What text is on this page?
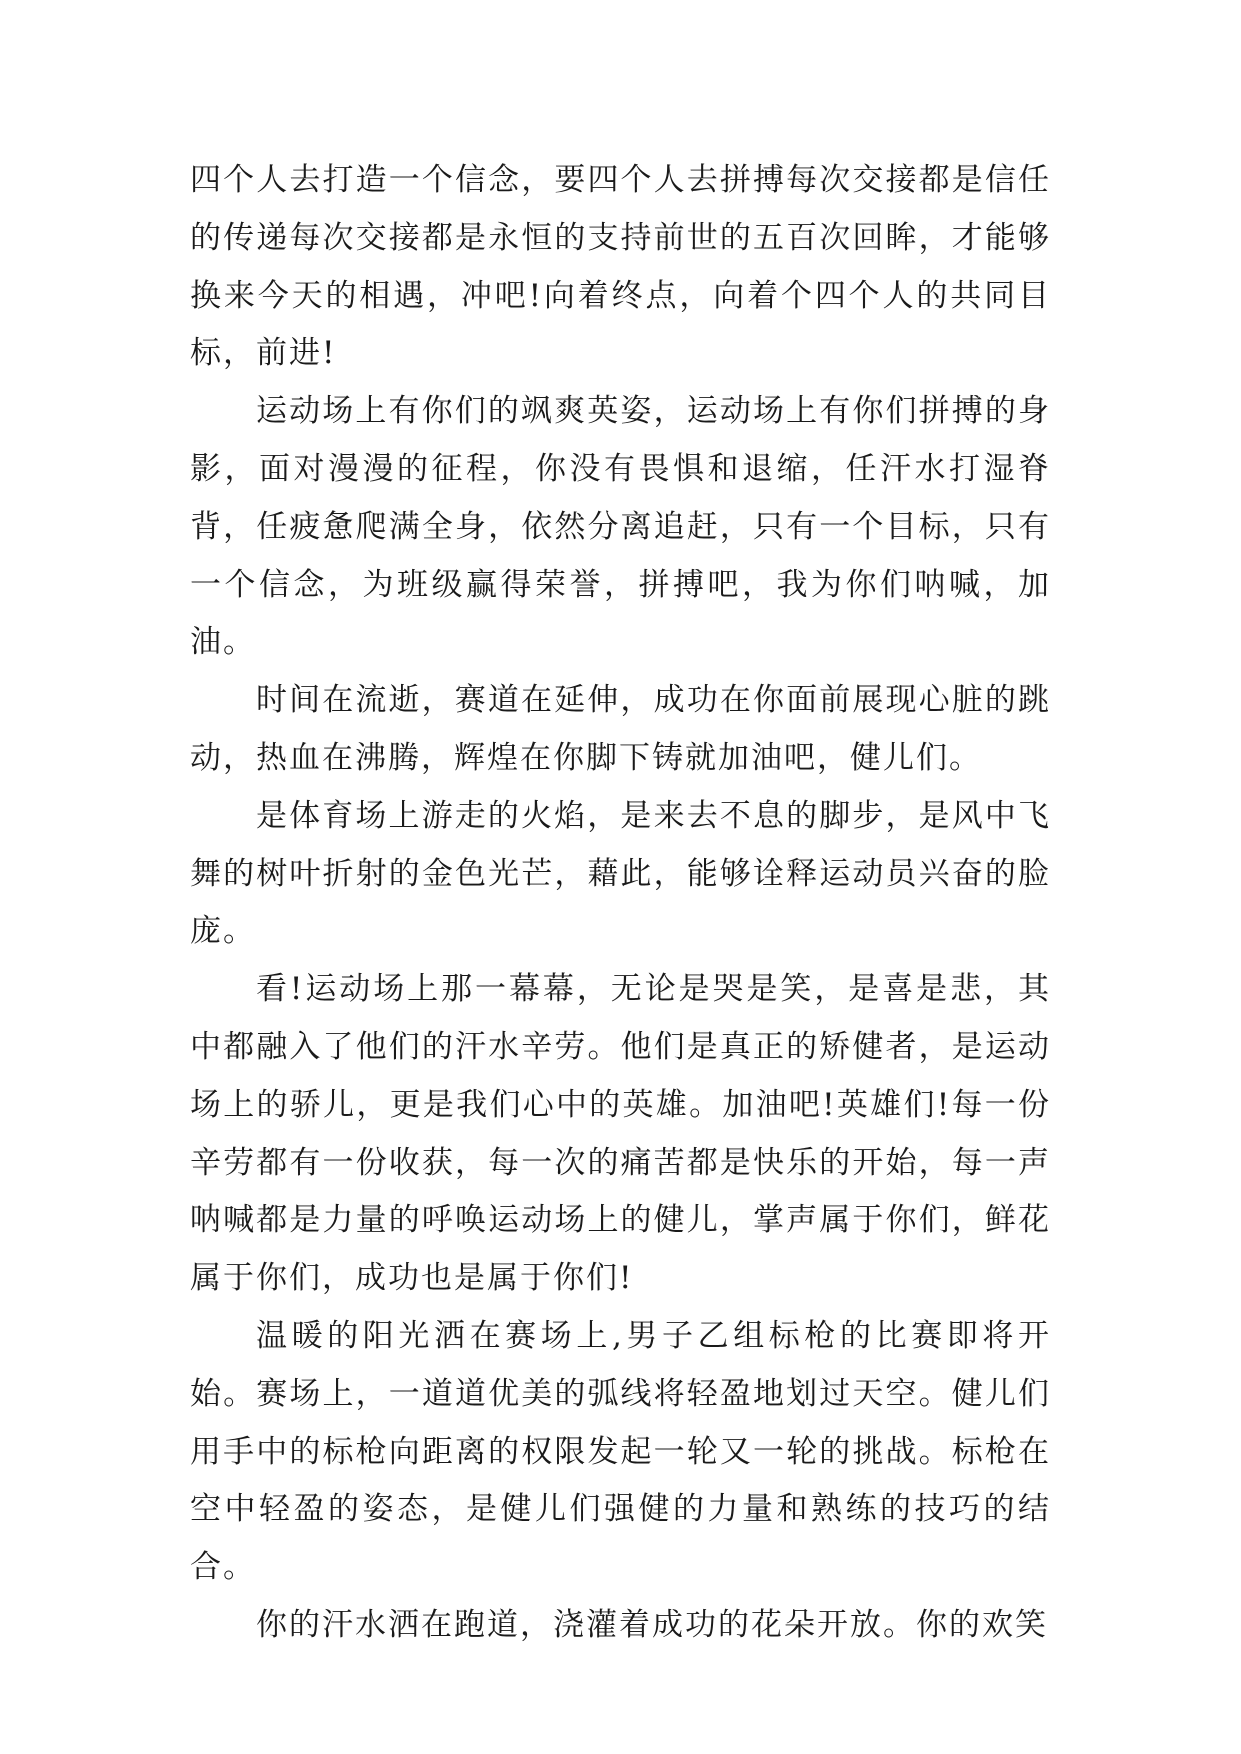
四个人去打造一个信念，要四个人去拼搏每次交接都是信任的传递每次交接都是永恒的支持前世的五百次回眸，才能够换来今天的相遇，冲吧!向着终点，向着个四个人的共同目标，前进!

运动场上有你们的飒爽英姿，运动场上有你们拼搏的身影，面对漫漫的征程，你没有畏惧和退缩，任汗水打湿脊背，任疲惫爬满全身，依然分离追赶，只有一个目标，只有一个信念，为班级赢得荣誉，拼搏吧，我为你们呐喊，加油。

时间在流逝，赛道在延伸，成功在你面前展现心脏的跳动，热血在沸腾，辉煌在你脚下铸就加油吧，健儿们。

是体育场上游走的火焰，是来去不息的脚步，是风中飞舞的树叶折射的金色光芒，藉此，能够诠释运动员兴奋的脸庞。

看!运动场上那一幕幕，无论是哭是笑，是喜是悲，其中都融入了他们的汗水辛劳。他们是真正的矫健者，是运动场上的骄儿，更是我们心中的英雄。加油吧!英雄们!每一份辛劳都有一份收获，每一次的痛苦都是快乐的开始，每一声呐喊都是力量的呼唤运动场上的健儿，掌声属于你们，鲜花属于你们，成功也是属于你们!

温暖的阳光洒在赛场上,男子乙组标枪的比赛即将开始。赛场上，一道道优美的弧线将轻盈地划过天空。健儿们用手中的标枪向距离的权限发起一轮又一轮的挑战。标枪在空中轻盈的姿态，是健儿们强健的力量和熟练的技巧的结合。

你的汗水洒在跑道，浇灌着成功的花朵开放。你的欢笑
